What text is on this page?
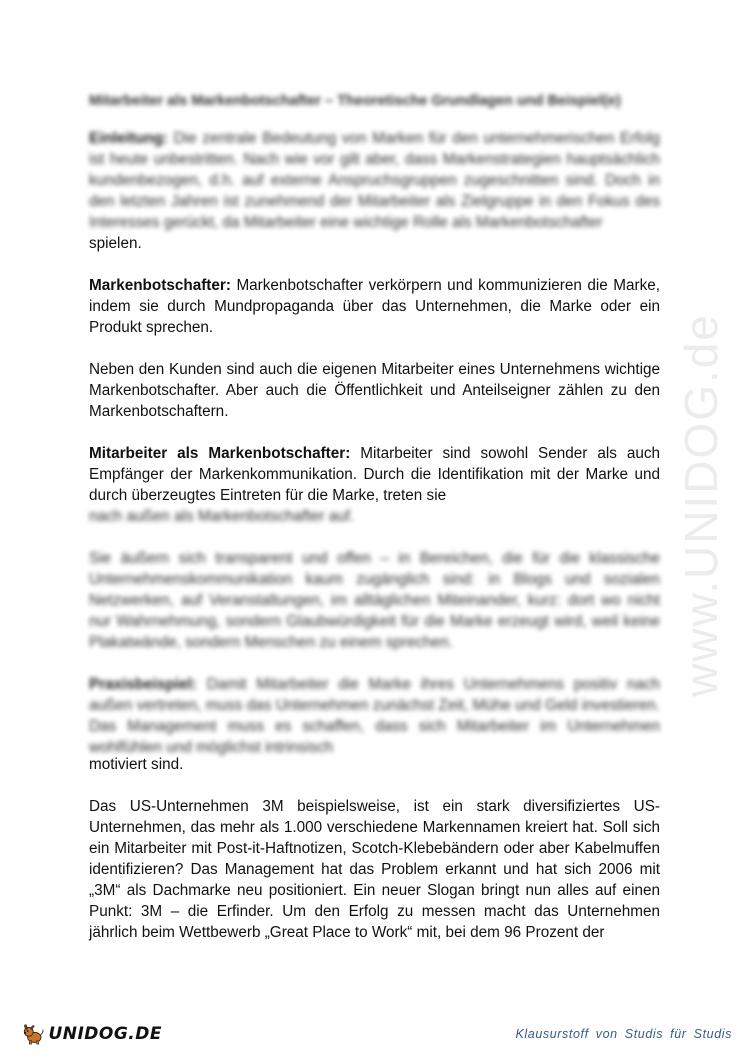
Mitarbeiter als Markenbotschafter – Theoretische Grundlagen und Beispiel(e)

Einleitung: Die zentrale Bedeutung von Marken für den unternehmerischen Erfolg ist heute unbestritten. Nach wie vor gilt aber, dass Markenstrategien hauptsächlich kundenbezogen, d.h. auf externe Anspruchsgruppen zugeschnitten sind. Doch in den letzten Jahren ist zunehmend der Mitarbeiter als Zielgruppe in den Fokus des Interesses gerückt, da Mitarbeiter eine wichtige Rolle als Markenbotschafter

spielen.

Markenbotschafter: Markenbotschafter verkörpern und kommunizieren die Marke, indem sie durch Mundpropaganda über das Unternehmen, die Marke oder ein Produkt sprechen.

Neben den Kunden sind auch die eigenen Mitarbeiter eines Unternehmens wichtige Markenbotschafter. Aber auch die Öffentlichkeit und Anteilseigner zählen zu den Markenbotschaftern.

Mitarbeiter als Markenbotschafter: Mitarbeiter sind sowohl Sender als auch Empfänger der Markenkommunikation. Durch die Identifikation mit der Marke und durch überzeugtes Eintreten für die Marke, treten sie

nach außen als Markenbotschafter auf.

Sie äußern sich transparent und offen – in Bereichen, die für die klassische Unternehmenskommunikation kaum zugänglich sind: in Blogs und sozialen Netzwerken, auf Veranstaltungen, im alltäglichen Miteinander, kurz: dort wo nicht nur Wahrnehmung, sondern Glaubwürdigkeit für die Marke erzeugt wird, weil keine Plakatwände, sondern Menschen zu einem sprechen.

Praxisbeispiel: Damit Mitarbeiter die Marke ihres Unternehmens positiv nach außen vertreten, muss das Unternehmen zunächst Zeit, Mühe und Geld investieren. Das Management muss es schaffen, dass sich Mitarbeiter im Unternehmen wohlfühlen und möglichst intrinsisch

motiviert sind.

Das US-Unternehmen 3M beispielsweise, ist ein stark diversifiziertes US-Unternehmen, das mehr als 1.000 verschiedene Markennamen kreiert hat. Soll sich ein Mitarbeiter mit Post-it-Haftnotizen, Scotch-Klebebändern oder aber Kabelmuffen identifizieren? Das Management hat das Problem erkannt und hat sich 2006 mit „3M“ als Dachmarke neu positioniert. Ein neuer Slogan bringt nun alles auf einen Punkt: 3M – die Erfinder. Um den Erfolg zu messen macht das Unternehmen jährlich beim Wettbewerb „Great Place to Work“ mit, bei dem 96 Prozent der

www.UNIDOG.de
UNIDOG.DE	Klausurstoff von Studis für Studis
